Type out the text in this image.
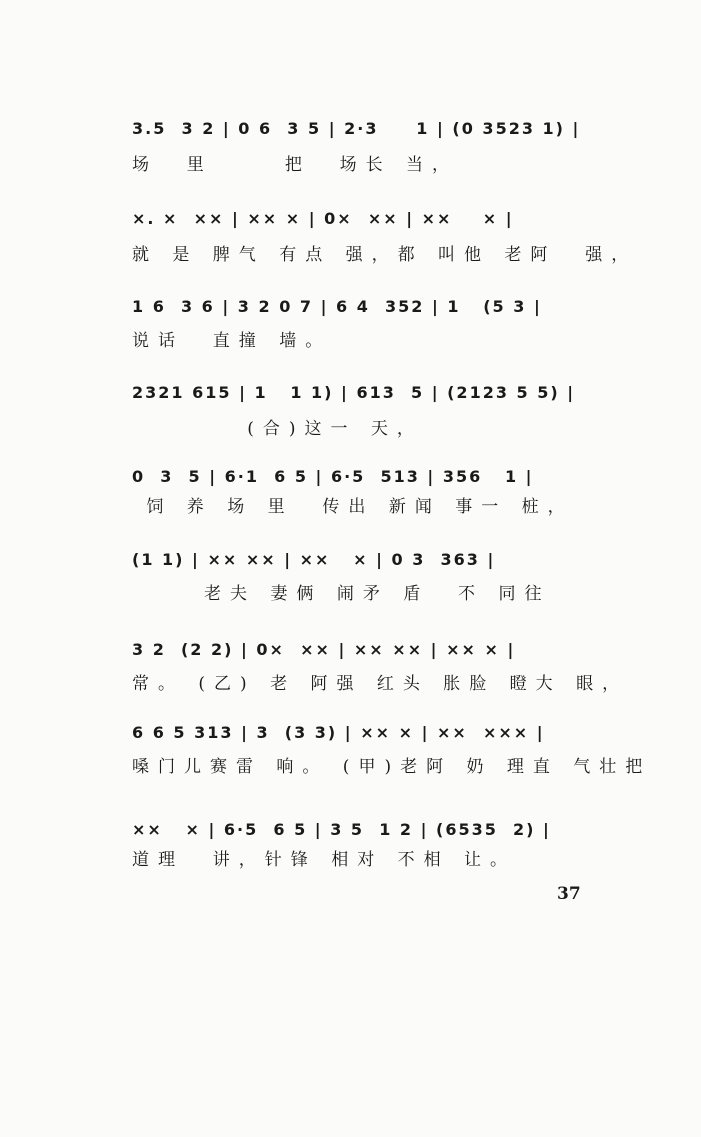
3.5  3 2 | 0 6  3 5 | 2·3     1 | (0 3523 1) |
场  里     把  场长 当，
×. ×  ×× | ×× × | 0×  ×× | ××    × |
就 是 脾气 有点 强，都 叫他 老阿  强，
1 6  3 6 | 3 2 0 7 | 6 4  352 | 1   (5 3 |
说话  直撞 墙。
2321 615 | 1   1 1) | 613  5 | (2123 5 5) |
(合)这一 天，
0  3  5 | 6·1  6 5 | 6·5  513 | 356   1 |
饲 养 场 里  传出 新闻 事一 桩，
(1 1) | ×× ×× | ××   × | 0 3  363 |
老夫 妻俩 闹矛 盾  不 同往
3 2  (2 2) | 0×  ×× | ×× ×× | ×× × |
常。 (乙) 老 阿强 红头 胀脸 瞪大 眼，
6 6 5 313 | 3  (3 3) | ×× × | ××  ××× |
嗓门儿赛雷 响。 (甲)老阿 奶 理直 气壮把
××   × | 6·5  6 5 | 3 5  1 2 | (6535  2) |
道理  讲，针锋 相对 不相 让。
37
